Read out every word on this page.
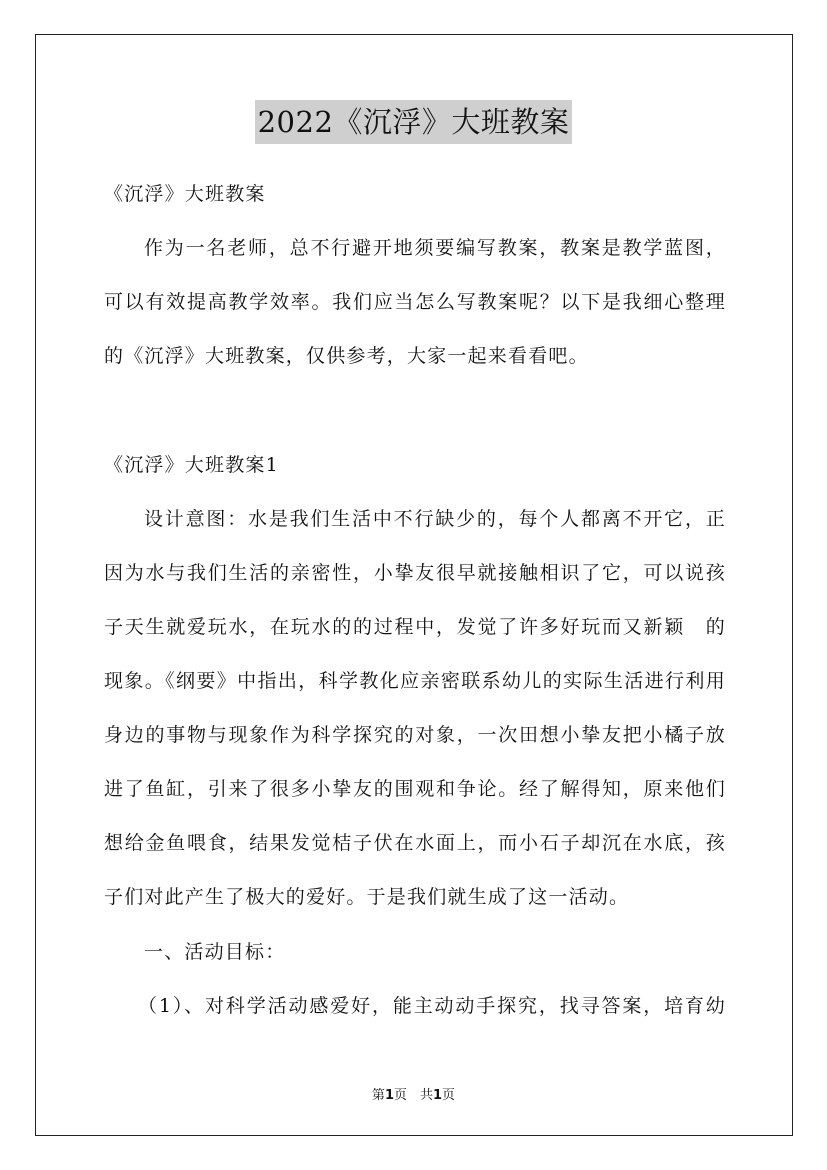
2022《沉浮》大班教案
《沉浮》大班教案
作为一名老师，总不行避开地须要编写教案，教案是教学蓝图，
可以有效提高教学效率。我们应当怎么写教案呢？以下是我细心整理
的《沉浮》大班教案，仅供参考，大家一起来看看吧。
《沉浮》大班教案1
设计意图：水是我们生活中不行缺少的，每个人都离不开它，正
因为水与我们生活的亲密性，小挚友很早就接触相识了它，可以说孩
子天生就爱玩水，在玩水的的过程中，发觉了许多好玩而又新颖　的
现象。《纲要》中指出，科学教化应亲密联系幼儿的实际生活进行利用
身边的事物与现象作为科学探究的对象，一次田想小挚友把小橘子放
进了鱼缸，引来了很多小挚友的围观和争论。经了解得知，原来他们
想给金鱼喂食，结果发觉桔子伏在水面上，而小石子却沉在水底，孩
子们对此产生了极大的爱好。于是我们就生成了这一活动。
一、活动目标：
（1）、对科学活动感爱好，能主动动手探究，找寻答案，培育幼
第1页　共1页
